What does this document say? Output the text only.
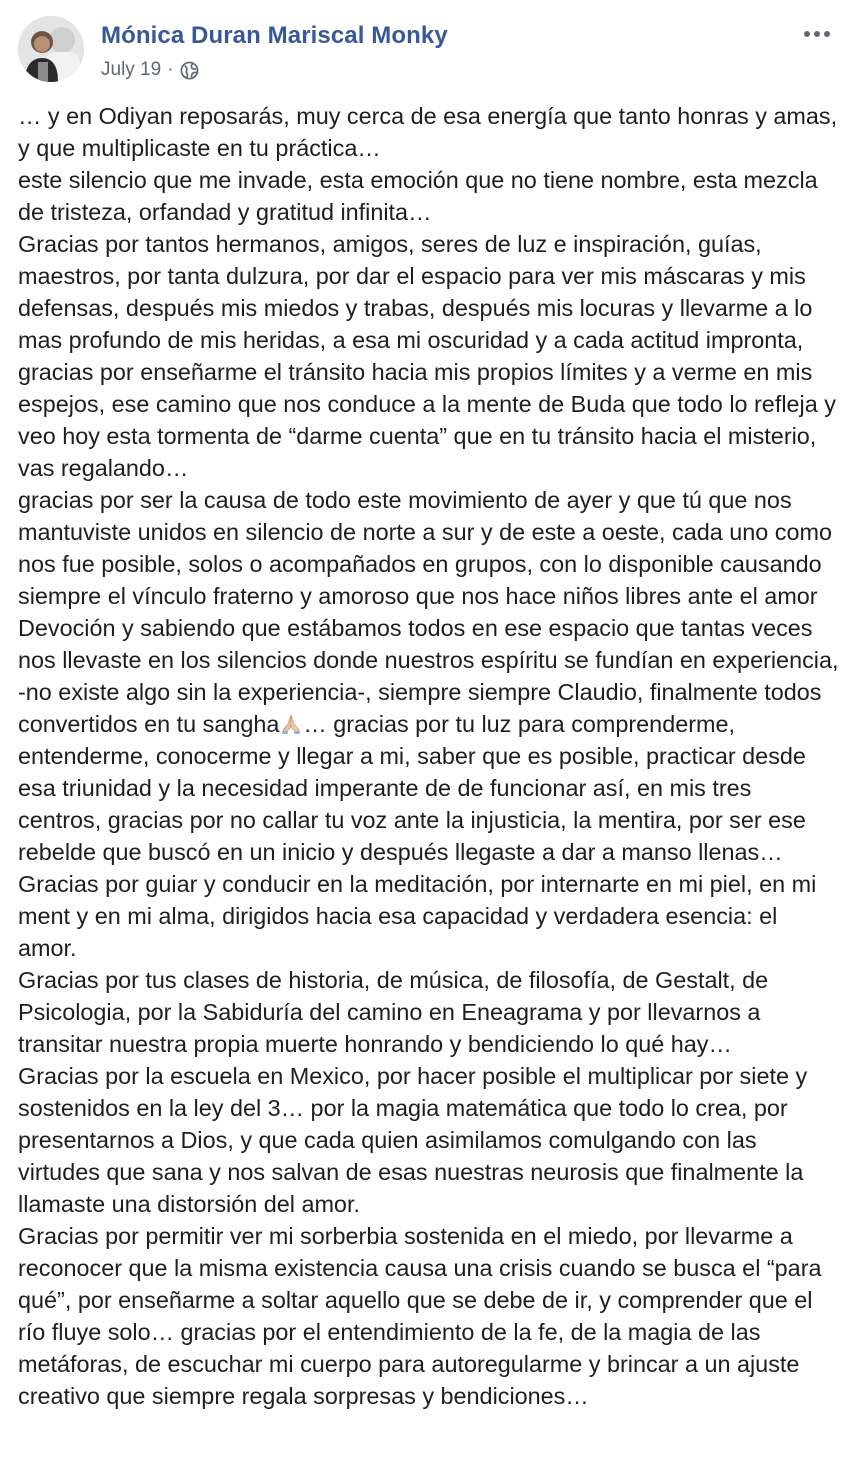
Mónica Duran Mariscal Monky
July 19 ·

… y en Odiyan reposarás, muy cerca de esa energía que tanto honras y amas, y que multiplicaste en tu práctica…

este silencio que me invade, esta emoción que no tiene nombre, esta mezcla de tristeza, orfandad y gratitud infinita…

Gracias por tantos hermanos, amigos, seres de luz e inspiración, guías, maestros, por tanta dulzura, por dar el espacio para ver mis máscaras y mis defensas, después mis miedos y trabas, después mis locuras y llevarme a lo mas profundo de mis heridas, a esa mi oscuridad y a cada actitud impronta, gracias por enseñarme el tránsito hacia mis propios límites y a verme en mis espejos, ese camino que nos conduce a la mente de Buda que todo lo refleja y veo hoy esta tormenta de “darme cuenta” que en tu tránsito hacia el misterio, vas regalando…

gracias por ser la causa de todo este movimiento de ayer y que tú que nos mantuviste unidos en silencio de norte a sur y de este a oeste, cada uno como nos fue posible, solos o acompañados en grupos, con lo disponible causando siempre el vínculo fraterno y amoroso que nos hace niños libres ante el amor Devoción y sabiendo que estábamos todos en ese espacio que tantas veces nos llevaste en los silencios donde nuestros espíritu se fundían en experiencia, -no existe algo sin la experiencia-, siempre siempre Claudio, finalmente todos convertidos en tu sangha … gracias por tu luz para comprenderme, entenderme, conocerme y llegar a mi, saber que es posible, practicar desde esa triunidad y la necesidad imperante de de funcionar así, en mis tres centros, gracias por no callar tu voz ante la injusticia, la mentira, por ser ese rebelde que buscó en un inicio y después llegaste a dar a manso llenas… Gracias por guiar y conducir en la meditación, por internarte en mi piel, en mi ment y en mi alma, dirigidos hacia esa capacidad y verdadera esencia: el amor.

Gracias por tus clases de historia, de música, de filosofía, de Gestalt, de Psicologia, por la Sabiduría del camino en Eneagrama y por llevarnos a transitar nuestra propia muerte honrando y bendiciendo lo qué hay…

Gracias por la escuela en Mexico, por hacer posible el multiplicar por siete y sostenidos en la ley del 3… por la magia matemática que todo lo crea, por presentarnos a Dios, y que cada quien asimilamos comulgando con las virtudes que sana y nos salvan de esas nuestras neurosis que finalmente la llamaste una distorsión del amor.

Gracias por permitir ver mi sorberbia sostenida en el miedo, por llevarme a reconocer que la misma existencia causa una crisis cuando se busca el “para qué”, por enseñarme a soltar aquello que se debe de ir, y comprender que el río fluye solo… gracias por el entendimiento de la fe, de la magia de las metáforas, de escuchar mi cuerpo para autoregularme y brincar a un ajuste creativo que siempre regala sorpresas y bendiciones…
